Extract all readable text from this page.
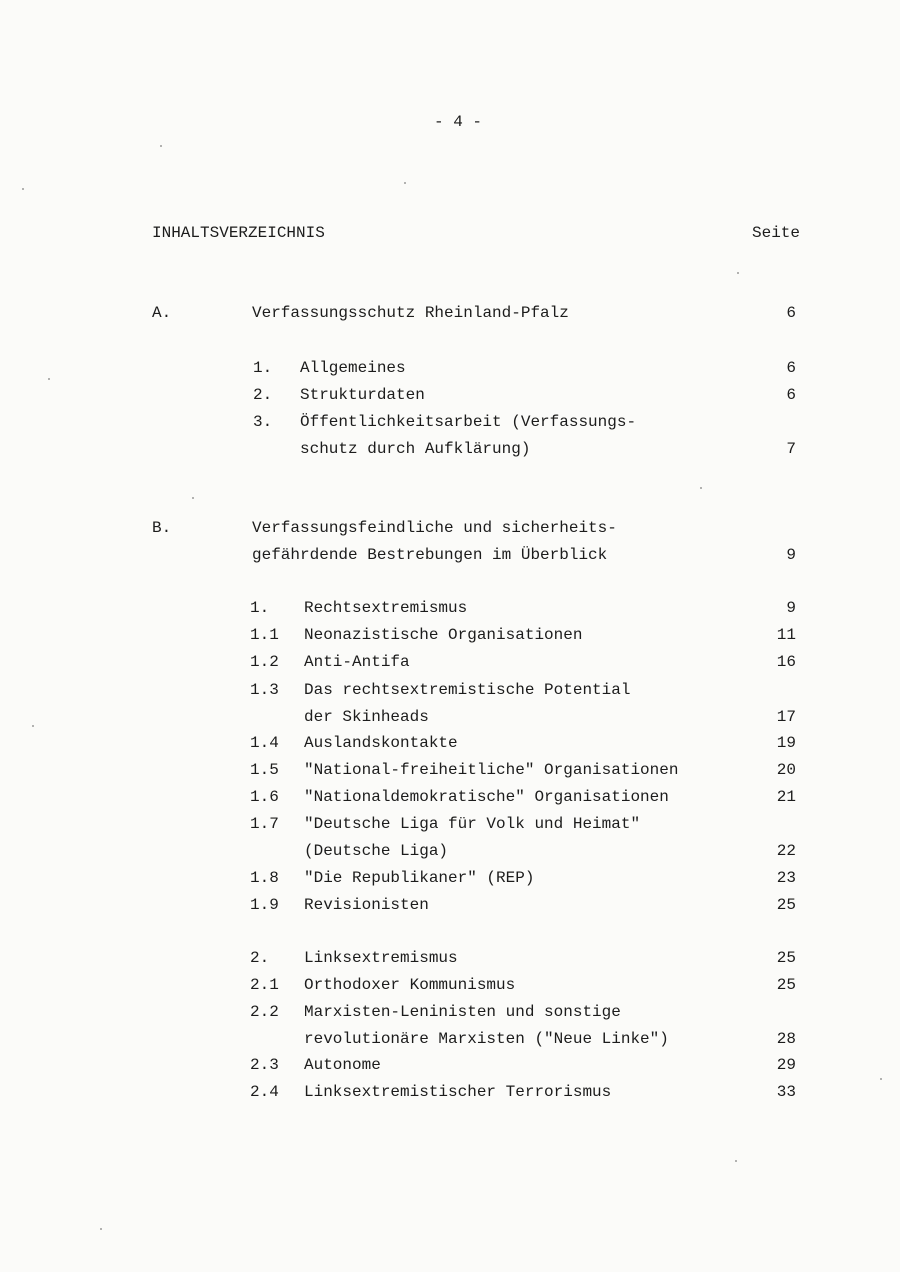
- 4 -
INHALTSVERZEICHNIS	Seite
A.	Verfassungsschutz Rheinland-Pfalz	6
1. Allgemeines	6
2. Strukturdaten	6
3. Öffentlichkeitsarbeit (Verfassungs-
schutz durch Aufklärung)	7
B.	Verfassungsfeindliche und sicherheits-
gefährdende Bestrebungen im Überblick	9
1. Rechtsextremismus	9
1.1 Neonazistische Organisationen	11
1.2 Anti-Antifa	16
1.3 Das rechtsextremistische Potential
der Skinheads	17
1.4 Auslandskontakte	19
1.5 "National-freiheitliche" Organisationen	20
1.6 "Nationaldemokratische" Organisationen	21
1.7 "Deutsche Liga für Volk und Heimat"
(Deutsche Liga)	22
1.8 "Die Republikaner" (REP)	23
1.9 Revisionisten	25
2. Linksextremismus	25
2.1 Orthodoxer Kommunismus	25
2.2 Marxisten-Leninisten und sonstige
revolutionäre Marxisten ("Neue Linke")	28
2.3 Autonome	29
2.4 Linksextremistischer Terrorismus	33
